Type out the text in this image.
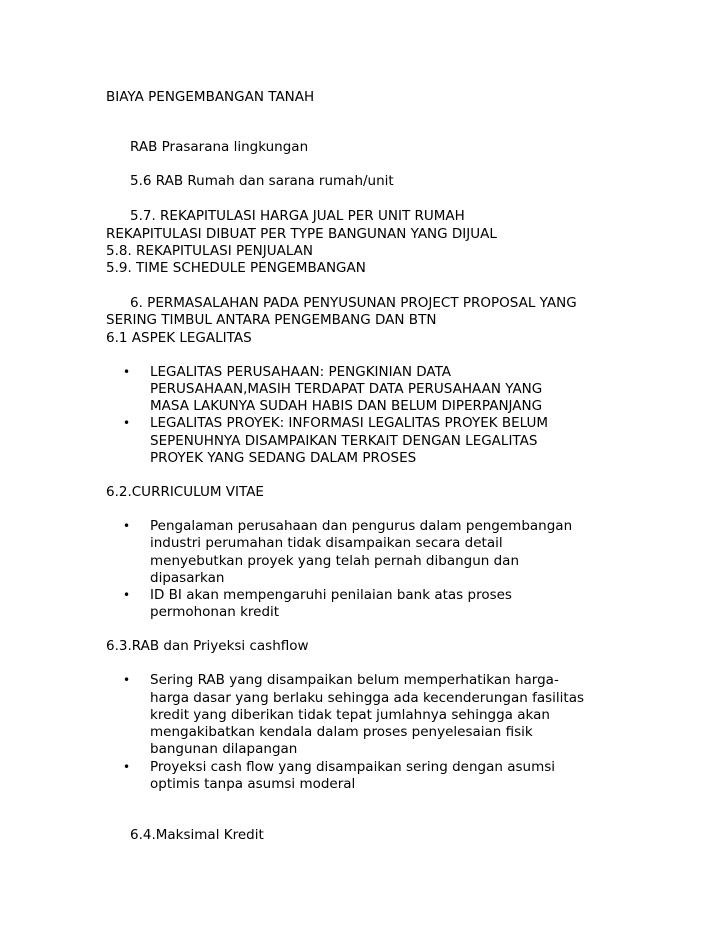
BIAYA PENGEMBANGAN TANAH
RAB Prasarana lingkungan
5.6 RAB Rumah dan sarana rumah/unit
5.7. REKAPITULASI HARGA JUAL PER UNIT RUMAH
REKAPITULASI DIBUAT PER TYPE BANGUNAN YANG DIJUAL
5.8. REKAPITULASI PENJUALAN
5.9. TIME SCHEDULE PENGEMBANGAN
6. PERMASALAHAN PADA PENYUSUNAN PROJECT PROPOSAL YANG
SERING TIMBUL ANTARA PENGEMBANG DAN BTN
6.1 ASPEK LEGALITAS
• LEGALITAS PERUSAHAAN: PENGKINIAN DATA
PERUSAHAAN,MASIH TERDAPAT DATA PERUSAHAAN YANG
MASA LAKUNYA SUDAH HABIS DAN BELUM DIPERPANJANG
• LEGALITAS PROYEK: INFORMASI LEGALITAS PROYEK BELUM
SEPENUHNYA DISAMPAIKAN TERKAIT DENGAN LEGALITAS
PROYEK YANG SEDANG DALAM PROSES
6.2.CURRICULUM VITAE
• Pengalaman perusahaan dan pengurus dalam pengembangan
industri perumahan tidak disampaikan secara detail
menyebutkan proyek yang telah pernah dibangun dan
dipasarkan
• ID BI akan mempengaruhi penilaian bank atas proses
permohonan kredit
6.3.RAB dan Priyeksi cashflow
• Sering RAB yang disampaikan belum memperhatikan harga-
harga dasar yang berlaku sehingga ada kecenderungan fasilitas
kredit yang diberikan tidak tepat jumlahnya sehingga akan
mengakibatkan kendala dalam proses penyelesaian fisik
bangunan dilapangan
• Proyeksi cash flow yang disampaikan sering dengan asumsi
optimis tanpa asumsi moderal
6.4.Maksimal Kredit
